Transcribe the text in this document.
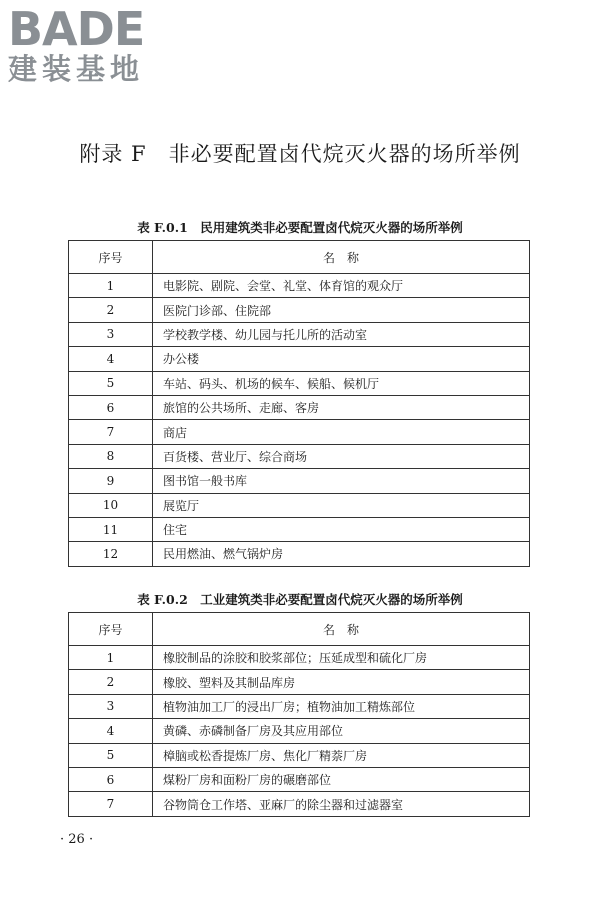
BADE
建装基地
附录 F　非必要配置卤代烷灭火器的场所举例
表 F.0.1　民用建筑类非必要配置卤代烷灭火器的场所举例
序号	名　称
1	电影院、剧院、会堂、礼堂、体育馆的观众厅
2	医院门诊部、住院部
3	学校教学楼、幼儿园与托儿所的活动室
4	办公楼
5	车站、码头、机场的候车、候船、候机厅
6	旅馆的公共场所、走廊、客房
7	商店
8	百货楼、营业厅、综合商场
9	图书馆一般书库
10	展览厅
11	住宅
12	民用燃油、燃气锅炉房
表 F.0.2　工业建筑类非必要配置卤代烷灭火器的场所举例
序号	名　称
1	橡胶制品的涂胶和胶浆部位；压延成型和硫化厂房
2	橡胶、塑料及其制品库房
3	植物油加工厂的浸出厂房；植物油加工精炼部位
4	黄磷、赤磷制备厂房及其应用部位
5	樟脑或松香提炼厂房、焦化厂精萘厂房
6	煤粉厂房和面粉厂房的碾磨部位
7	谷物筒仓工作塔、亚麻厂的除尘器和过滤器室
· 26 ·
